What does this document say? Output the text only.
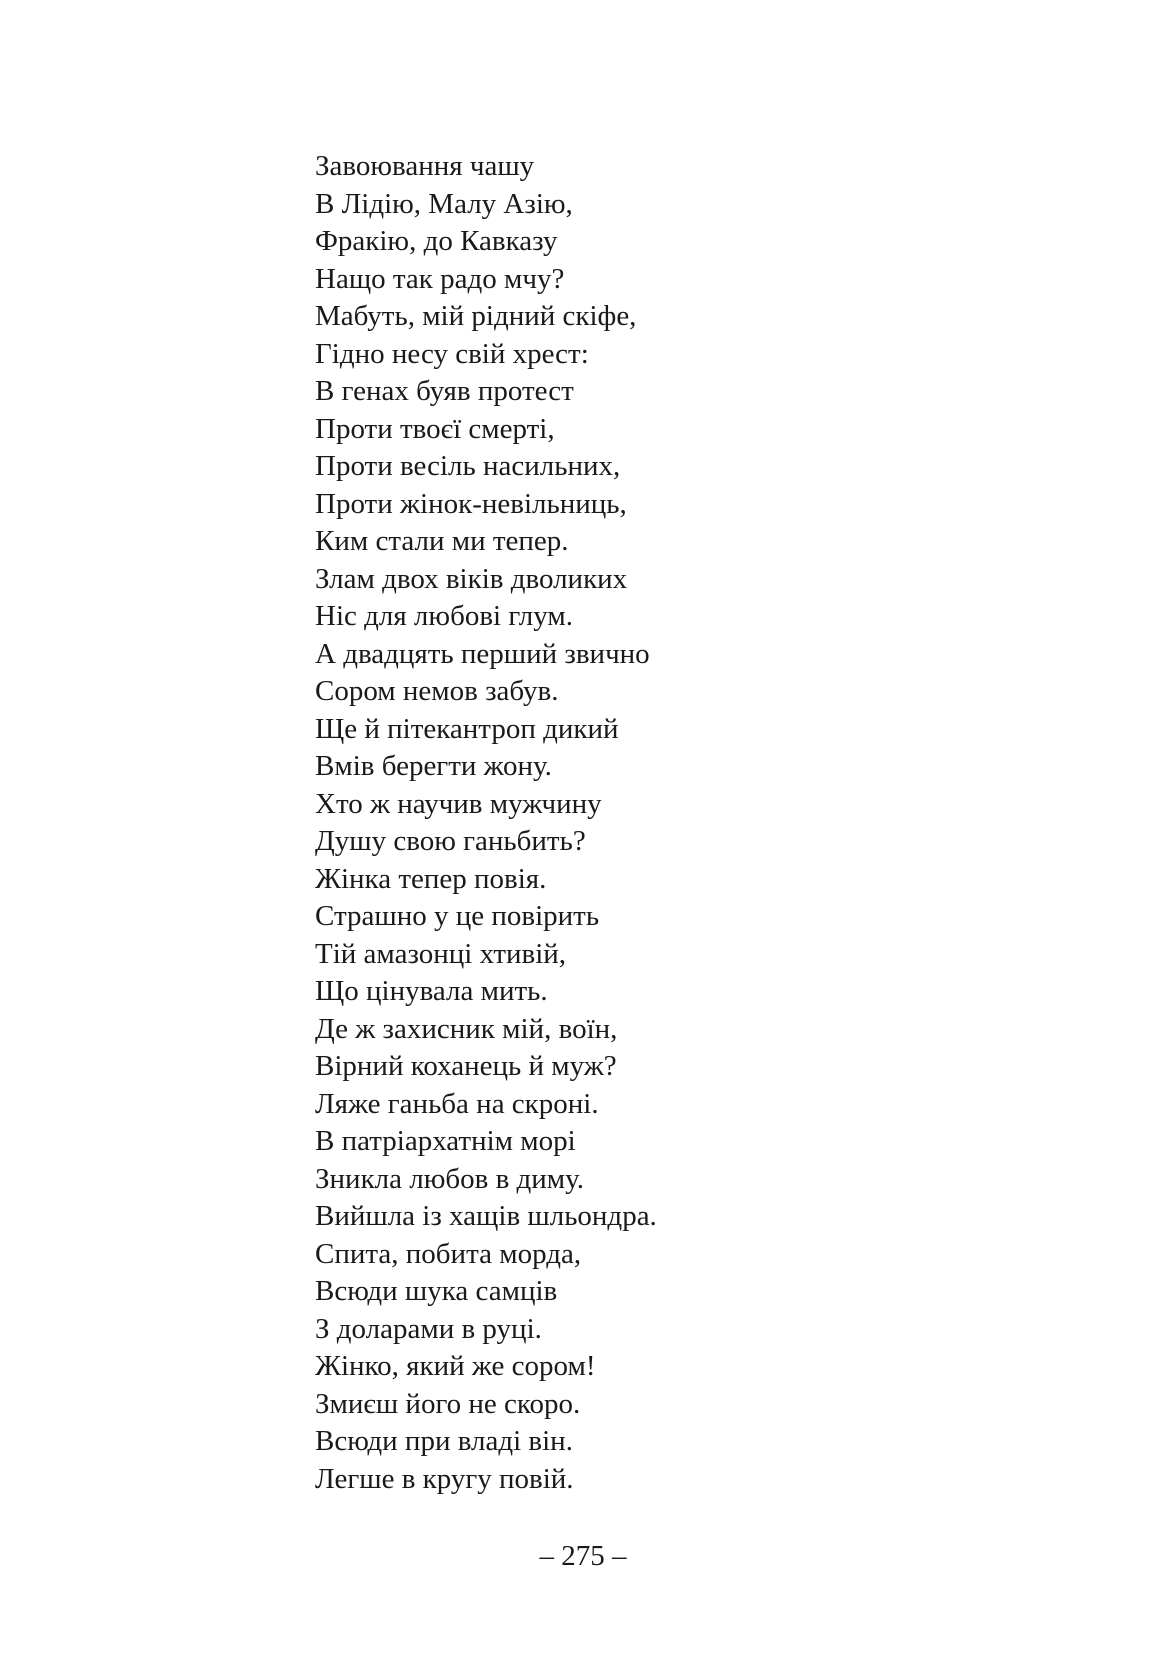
Завоювання чашу
В Лідію, Малу Азію,
Фракію, до Кавказу
Нащо так радо мчу?
Мабуть, мій рідний скіфе,
Гідно несу свій хрест:
В генах буяв протест
Проти твоєї смерті,
Проти весіль насильних,
Проти жінок-невільниць,
Ким стали ми тепер.
Злам двох віків дволиких
Ніс для любові глум.
А двадцять перший звично
Сором немов забув.
Ще й пітекантроп дикий
Вмів берегти жону.
Хто ж научив мужчину
Душу свою ганьбить?
Жінка тепер повія.
Страшно у це повірить
Тій амазонці хтивій,
Що цінувала мить.
Де ж захисник мій, воїн,
Вірний коханець й муж?
Ляже ганьба на скроні.
В патріархатнім морі
Зникла любов в диму.
Вийшла із хащів шльондра.
Спита, побита морда,
Всюди шука самців
З доларами в руці.
Жінко, який же сором!
Змиєш його не скоро.
Всюди при владі він.
Легше в кругу повій.
– 275 –
